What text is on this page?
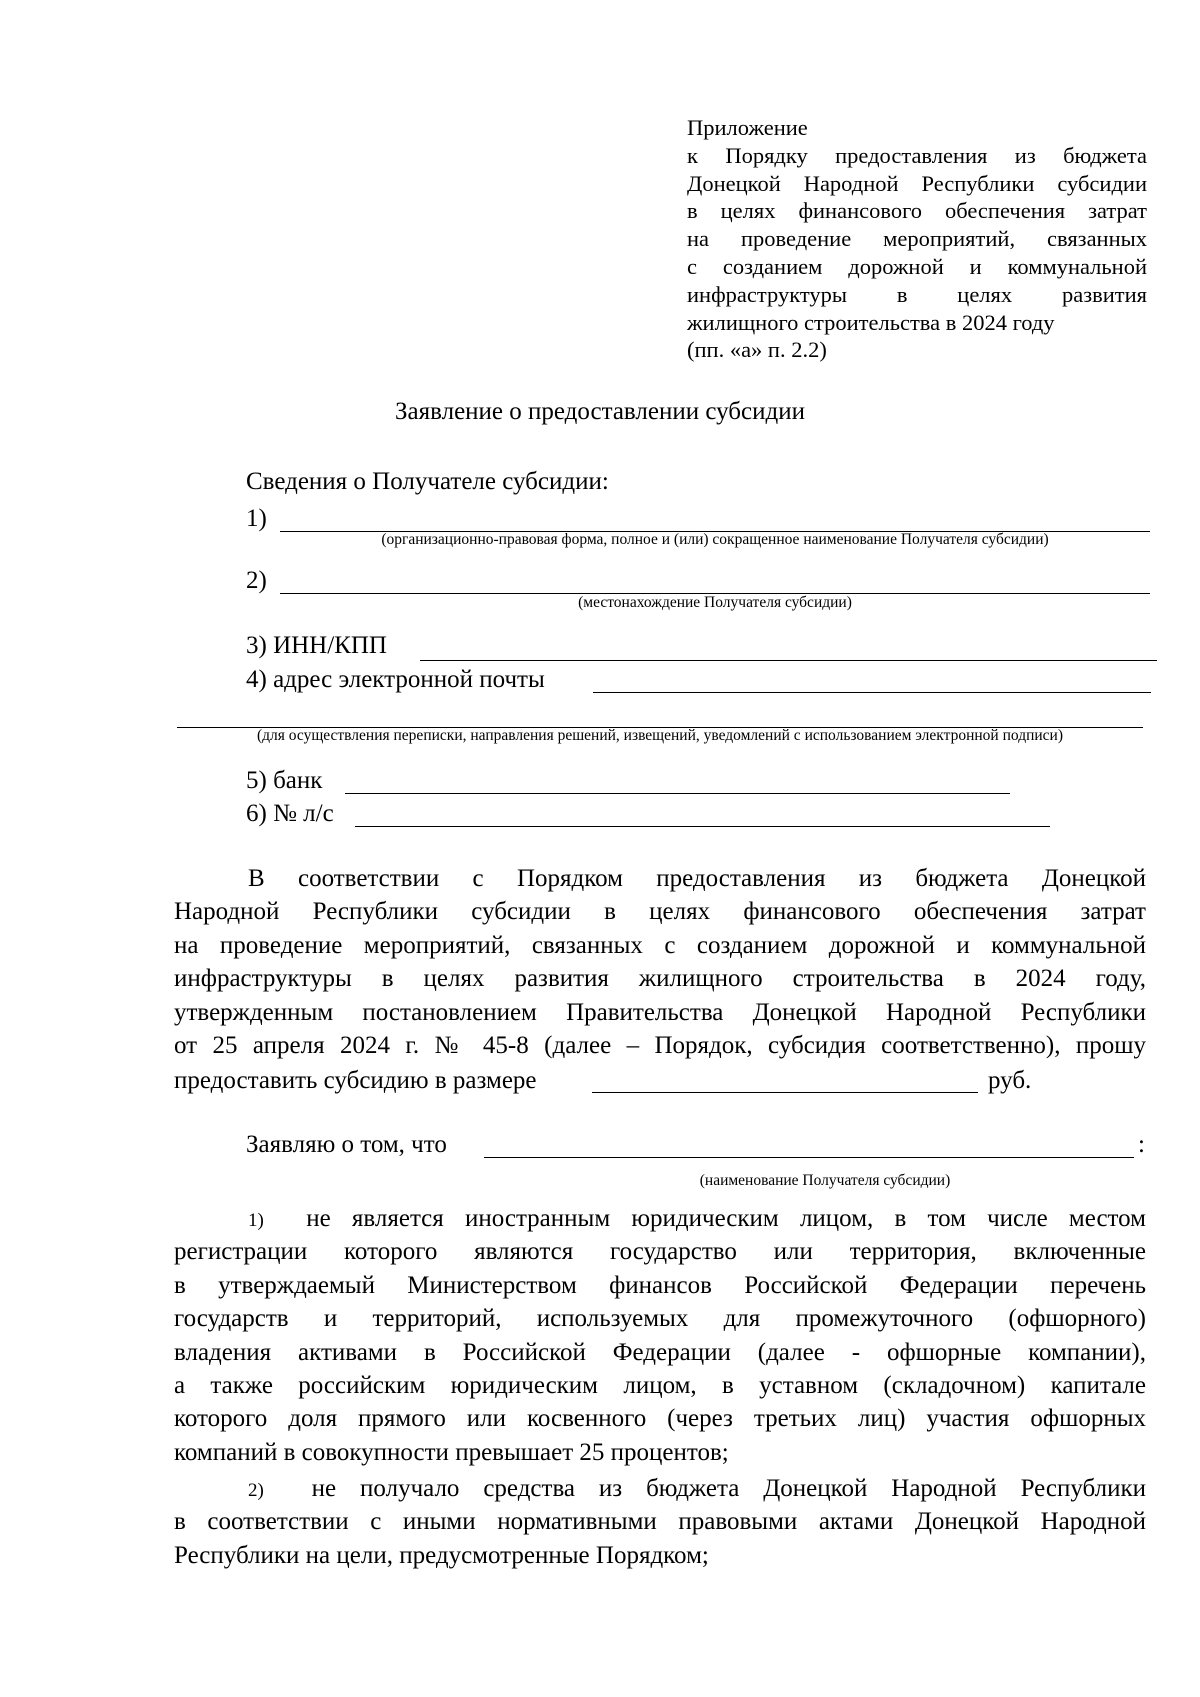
Приложение
к Порядку предоставления из бюджета
Донецкой Народной Республики субсидии
в целях финансового обеспечения затрат
на проведение мероприятий, связанных
с созданием дорожной и коммунальной
инфраструктуры в целях развития
жилищного строительства в 2024 году
(пп. «а» п. 2.2)
Заявление о предоставлении субсидии
Сведения о Получателе субсидии:
1)
(организационно-правовая форма, полное и (или) сокращенное наименование Получателя субсидии)
2)
(местонахождение Получателя субсидии)
3) ИНН/КПП
4) адрес электронной почты
(для осуществления переписки, направления решений, извещений, уведомлений с использованием электронной подписи)
5) банк
6) № л/с
В соответствии с Порядком предоставления из бюджета Донецкой
Народной Республики субсидии в целях финансового обеспечения затрат
на проведение мероприятий, связанных с созданием дорожной и коммунальной
инфраструктуры в целях развития жилищного строительства в 2024 году,
утвержденным постановлением Правительства Донецкой Народной Республики
от 25 апреля 2024 г. № 45-8 (далее – Порядок, субсидия соответственно), прошу
предоставить субсидию в размере	руб.
Заявляю о том, что	:
(наименование Получателя субсидии)
1) не является иностранным юридическим лицом, в том числе местом
регистрации которого являются государство или территория, включенные
в утверждаемый Министерством финансов Российской Федерации перечень
государств и территорий, используемых для промежуточного (офшорного)
владения активами в Российской Федерации (далее - офшорные компании),
а также российским юридическим лицом, в уставном (складочном) капитале
которого доля прямого или косвенного (через третьих лиц) участия офшорных
компаний в совокупности превышает 25 процентов;
2) не получало средства из бюджета Донецкой Народной Республики
в соответствии с иными нормативными правовыми актами Донецкой Народной
Республики на цели, предусмотренные Порядком;
